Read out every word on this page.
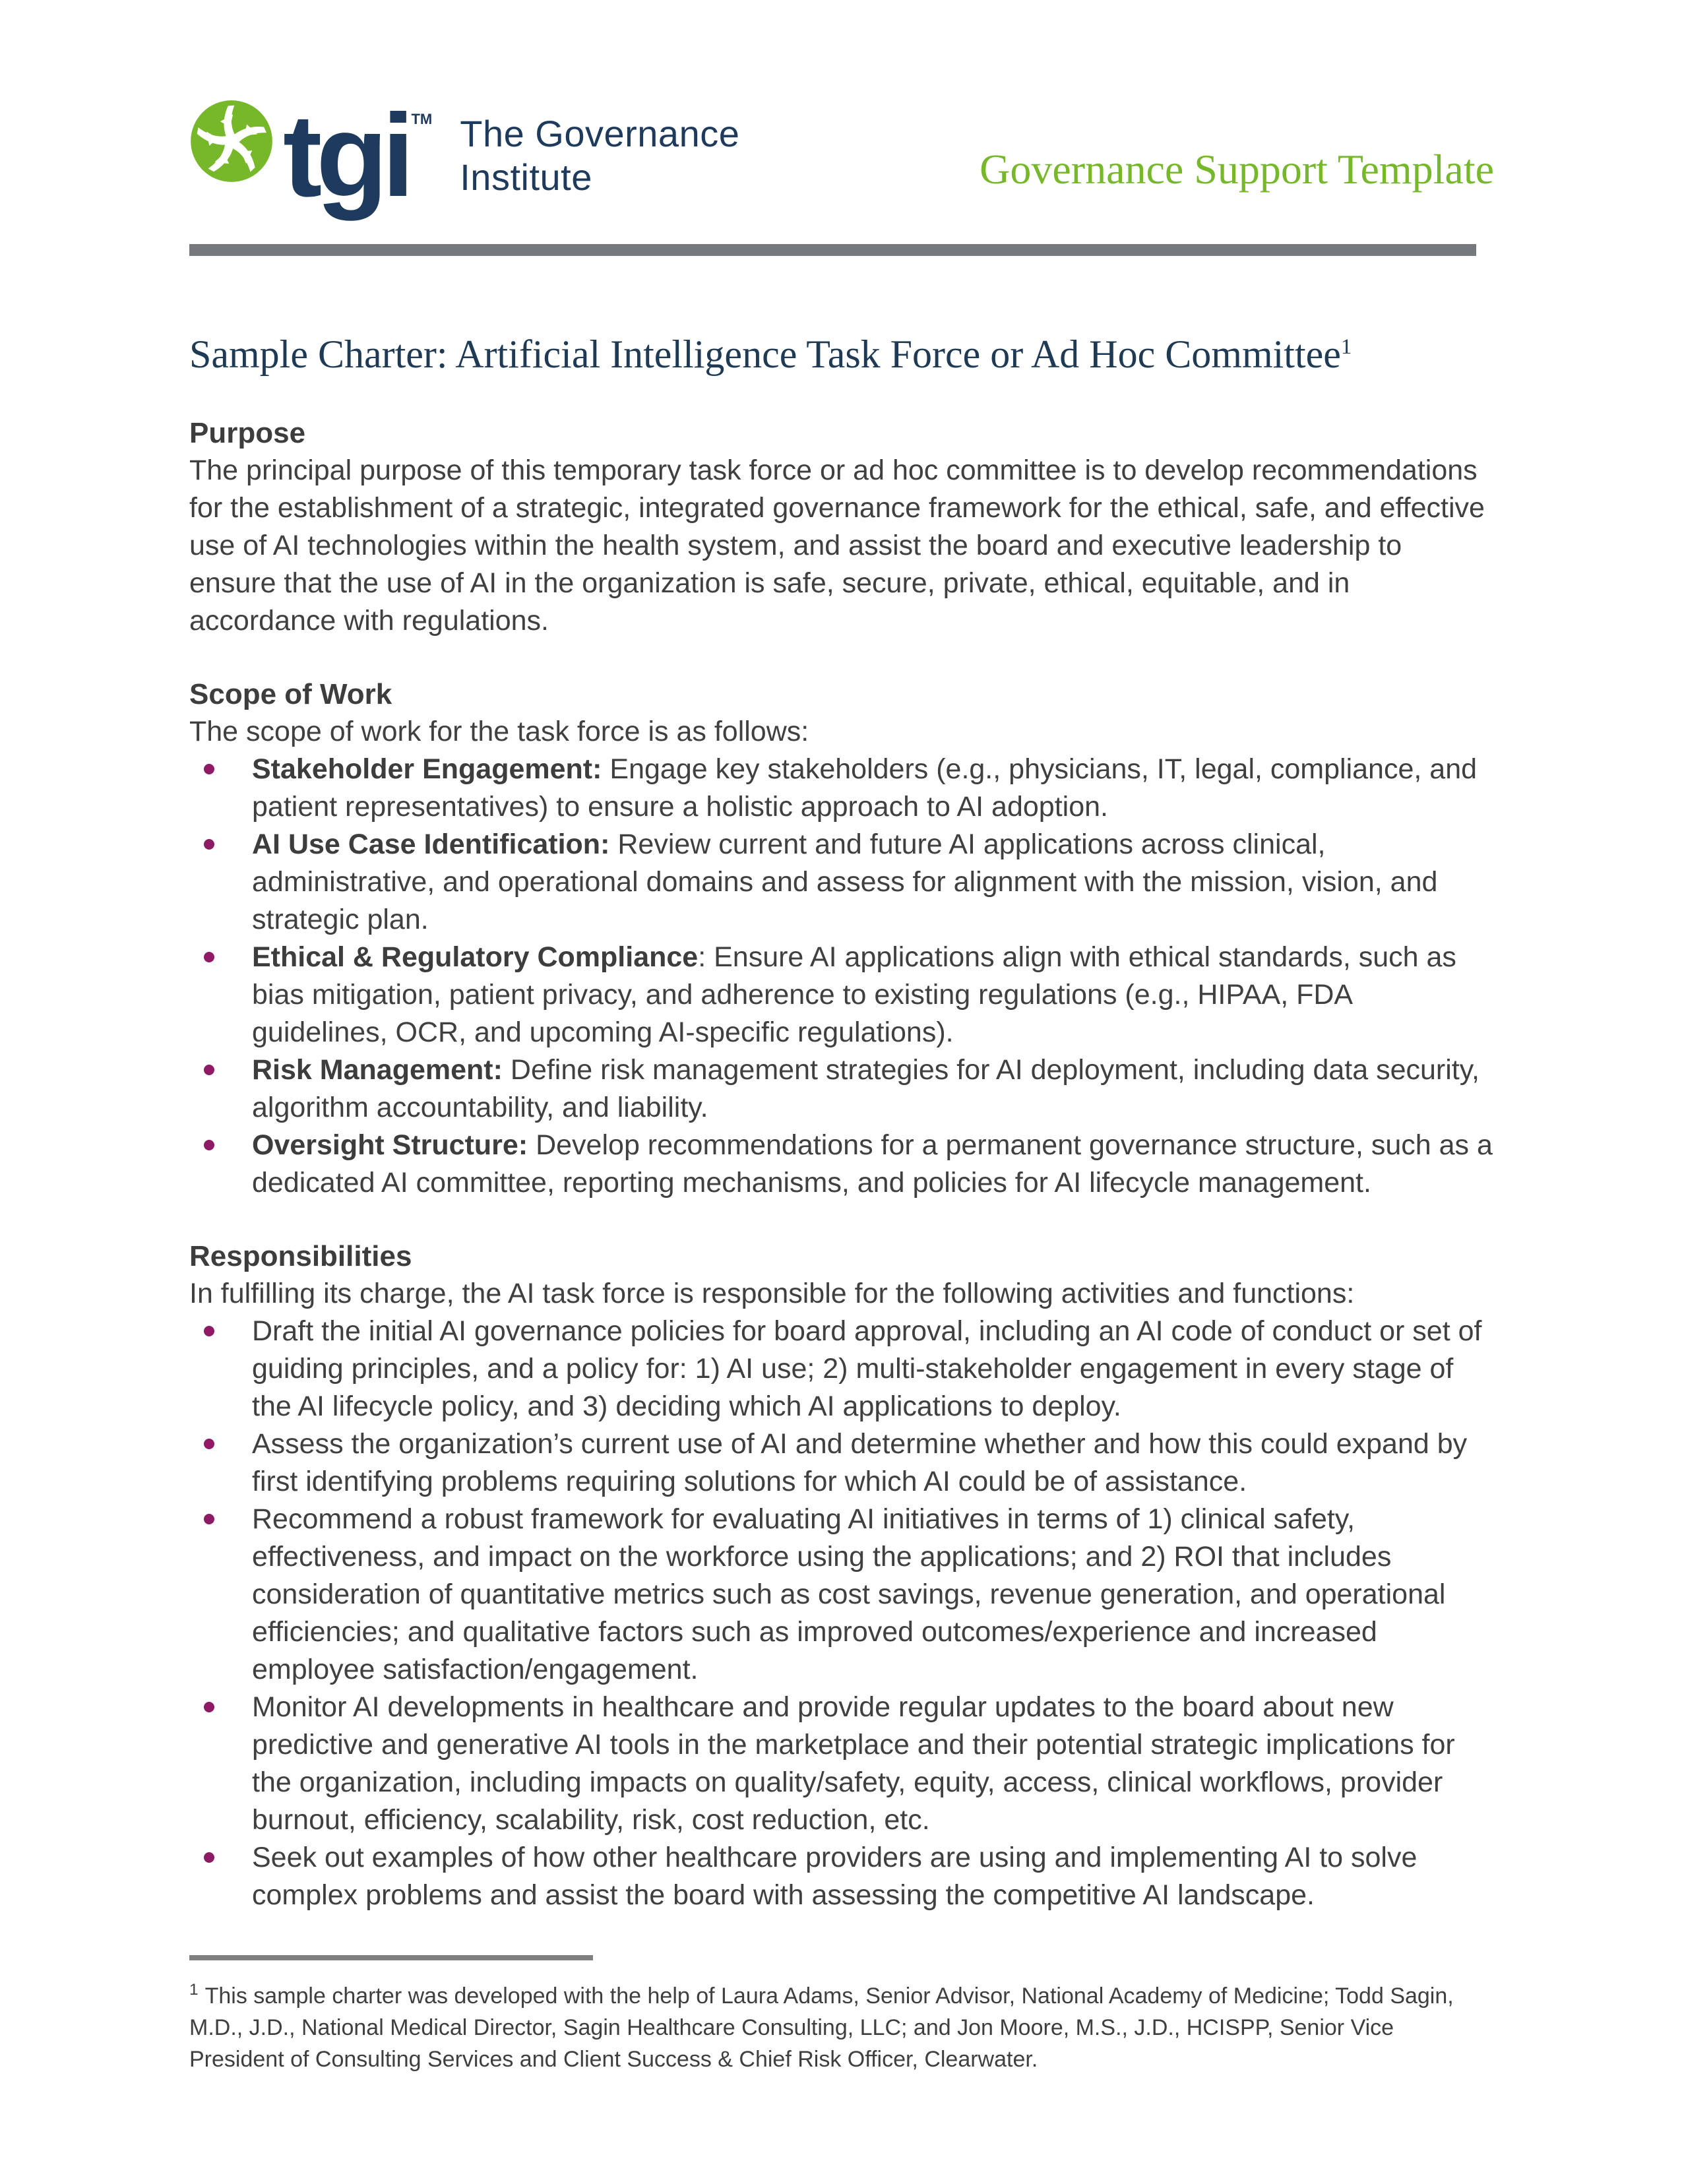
tgi TM The Governance
Institute	Governance Support Template
Sample Charter: Artificial Intelligence Task Force or Ad Hoc Committee$^1$
Purpose

The principal purpose of this temporary task force or ad hoc committee is to develop recommendations for the establishment of a strategic, integrated governance framework for the ethical, safe, and effective use of AI technologies within the health system, and assist the board and executive leadership to ensure that the use of AI in the organization is safe, secure, private, ethical, equitable, and in accordance with regulations.

Scope of Work

The scope of work for the task force is as follows:

Stakeholder Engagement: Engage key stakeholders (e.g., physicians, IT, legal, compliance, and patient representatives) to ensure a holistic approach to AI adoption.
AI Use Case Identification: Review current and future AI applications across clinical, administrative, and operational domains and assess for alignment with the mission, vision, and strategic plan.
Ethical & Regulatory Compliance: Ensure AI applications align with ethical standards, such as bias mitigation, patient privacy, and adherence to existing regulations (e.g., HIPAA, FDA guidelines, OCR, and upcoming AI-specific regulations).
Risk Management: Define risk management strategies for AI deployment, including data security, algorithm accountability, and liability.
Oversight Structure: Develop recommendations for a permanent governance structure, such as a dedicated AI committee, reporting mechanisms, and policies for AI lifecycle management.
Responsibilities

In fulfilling its charge, the AI task force is responsible for the following activities and functions:

Draft the initial AI governance policies for board approval, including an AI code of conduct or set of guiding principles, and a policy for: 1) AI use; 2) multi-stakeholder engagement in every stage of the AI lifecycle policy, and 3) deciding which AI applications to deploy.
Assess the organization’s current use of AI and determine whether and how this could expand by first identifying problems requiring solutions for which AI could be of assistance.
Recommend a robust framework for evaluating AI initiatives in terms of 1) clinical safety, effectiveness, and impact on the workforce using the applications; and 2) ROI that includes consideration of quantitative metrics such as cost savings, revenue generation, and operational efficiencies; and qualitative factors such as improved outcomes/experience and increased employee satisfaction/engagement.
Monitor AI developments in healthcare and provide regular updates to the board about new predictive and generative AI tools in the marketplace and their potential strategic implications for the organization, including impacts on quality/safety, equity, access, clinical workflows, provider burnout, efficiency, scalability, risk, cost reduction, etc.
Seek out examples of how other healthcare providers are using and implementing AI to solve complex problems and assist the board with assessing the competitive AI landscape.

$^1$ This sample charter was developed with the help of Laura Adams, Senior Advisor, National Academy of Medicine; Todd Sagin, M.D., J.D., National Medical Director, Sagin Healthcare Consulting, LLC; and Jon Moore, M.S., J.D., HCISPP, Senior Vice President of Consulting Services and Client Success & Chief Risk Officer, Clearwater.
